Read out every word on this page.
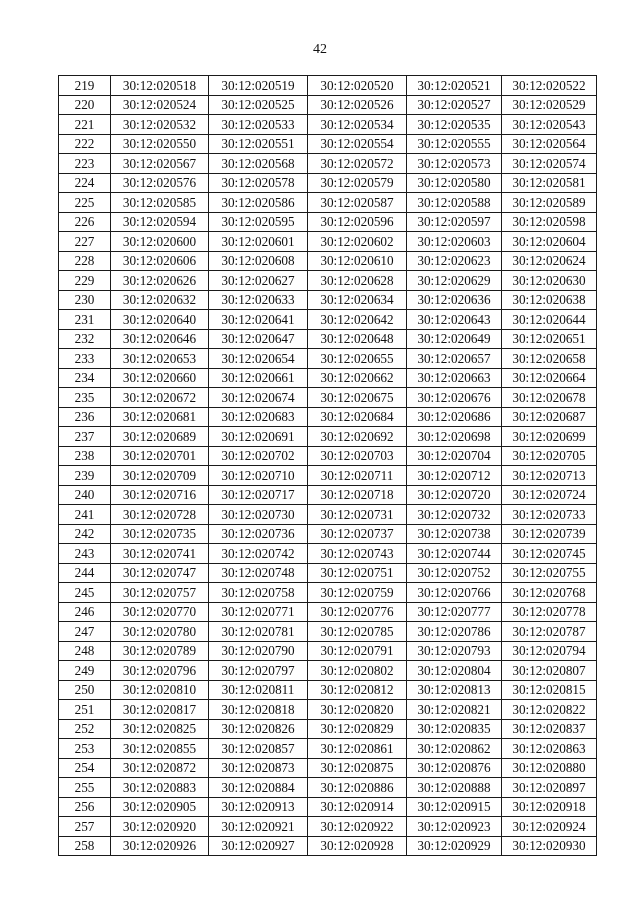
42
219	30:12:020518	30:12:020519	30:12:020520	30:12:020521	30:12:020522
220	30:12:020524	30:12:020525	30:12:020526	30:12:020527	30:12:020529
221	30:12:020532	30:12:020533	30:12:020534	30:12:020535	30:12:020543
222	30:12:020550	30:12:020551	30:12:020554	30:12:020555	30:12:020564
223	30:12:020567	30:12:020568	30:12:020572	30:12:020573	30:12:020574
224	30:12:020576	30:12:020578	30:12:020579	30:12:020580	30:12:020581
225	30:12:020585	30:12:020586	30:12:020587	30:12:020588	30:12:020589
226	30:12:020594	30:12:020595	30:12:020596	30:12:020597	30:12:020598
227	30:12:020600	30:12:020601	30:12:020602	30:12:020603	30:12:020604
228	30:12:020606	30:12:020608	30:12:020610	30:12:020623	30:12:020624
229	30:12:020626	30:12:020627	30:12:020628	30:12:020629	30:12:020630
230	30:12:020632	30:12:020633	30:12:020634	30:12:020636	30:12:020638
231	30:12:020640	30:12:020641	30:12:020642	30:12:020643	30:12:020644
232	30:12:020646	30:12:020647	30:12:020648	30:12:020649	30:12:020651
233	30:12:020653	30:12:020654	30:12:020655	30:12:020657	30:12:020658
234	30:12:020660	30:12:020661	30:12:020662	30:12:020663	30:12:020664
235	30:12:020672	30:12:020674	30:12:020675	30:12:020676	30:12:020678
236	30:12:020681	30:12:020683	30:12:020684	30:12:020686	30:12:020687
237	30:12:020689	30:12:020691	30:12:020692	30:12:020698	30:12:020699
238	30:12:020701	30:12:020702	30:12:020703	30:12:020704	30:12:020705
239	30:12:020709	30:12:020710	30:12:020711	30:12:020712	30:12:020713
240	30:12:020716	30:12:020717	30:12:020718	30:12:020720	30:12:020724
241	30:12:020728	30:12:020730	30:12:020731	30:12:020732	30:12:020733
242	30:12:020735	30:12:020736	30:12:020737	30:12:020738	30:12:020739
243	30:12:020741	30:12:020742	30:12:020743	30:12:020744	30:12:020745
244	30:12:020747	30:12:020748	30:12:020751	30:12:020752	30:12:020755
245	30:12:020757	30:12:020758	30:12:020759	30:12:020766	30:12:020768
246	30:12:020770	30:12:020771	30:12:020776	30:12:020777	30:12:020778
247	30:12:020780	30:12:020781	30:12:020785	30:12:020786	30:12:020787
248	30:12:020789	30:12:020790	30:12:020791	30:12:020793	30:12:020794
249	30:12:020796	30:12:020797	30:12:020802	30:12:020804	30:12:020807
250	30:12:020810	30:12:020811	30:12:020812	30:12:020813	30:12:020815
251	30:12:020817	30:12:020818	30:12:020820	30:12:020821	30:12:020822
252	30:12:020825	30:12:020826	30:12:020829	30:12:020835	30:12:020837
253	30:12:020855	30:12:020857	30:12:020861	30:12:020862	30:12:020863
254	30:12:020872	30:12:020873	30:12:020875	30:12:020876	30:12:020880
255	30:12:020883	30:12:020884	30:12:020886	30:12:020888	30:12:020897
256	30:12:020905	30:12:020913	30:12:020914	30:12:020915	30:12:020918
257	30:12:020920	30:12:020921	30:12:020922	30:12:020923	30:12:020924
258	30:12:020926	30:12:020927	30:12:020928	30:12:020929	30:12:020930
